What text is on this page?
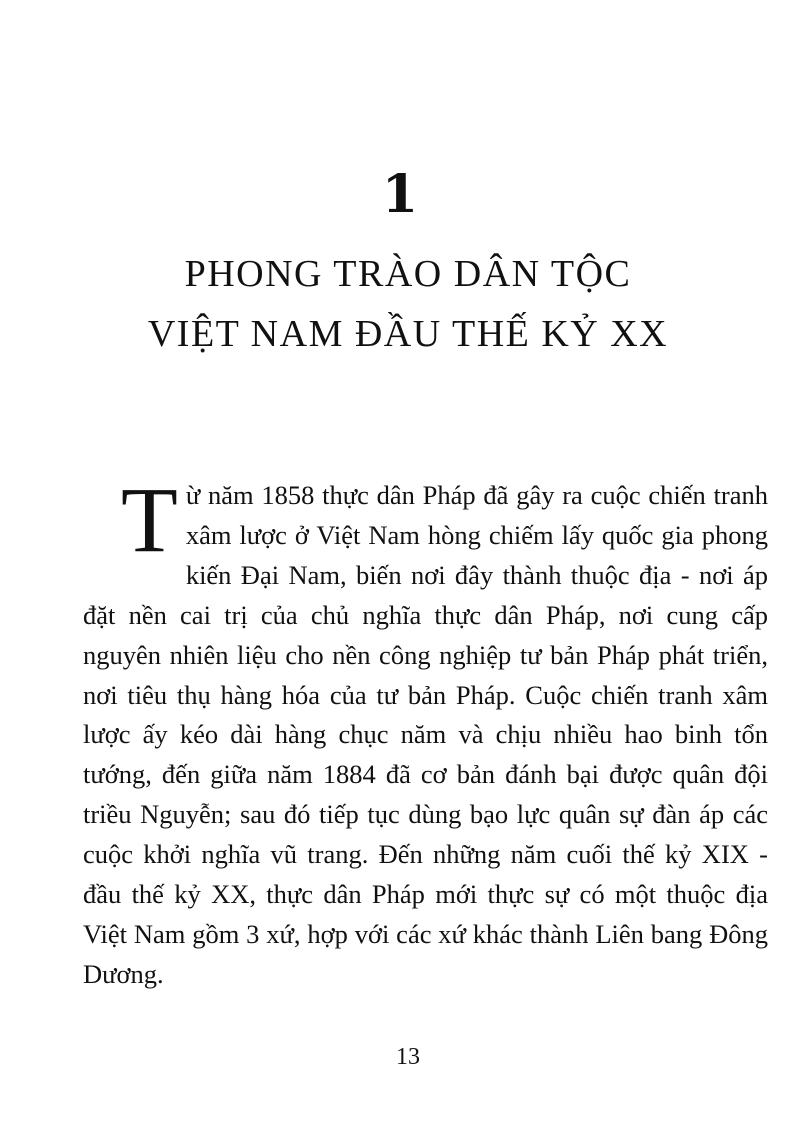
1
PHONG TRÀO DÂN TỘC
VIỆT NAM ĐẦU THẾ KỶ XX
Từ năm 1858 thực dân Pháp đã gây ra cuộc chiến tranh xâm lược ở Việt Nam hòng chiếm lấy quốc gia phong kiến Đại Nam, biến nơi đây thành thuộc địa - nơi áp đặt nền cai trị của chủ nghĩa thực dân Pháp, nơi cung cấp nguyên nhiên liệu cho nền công nghiệp tư bản Pháp phát triển, nơi tiêu thụ hàng hóa của tư bản Pháp. Cuộc chiến tranh xâm lược ấy kéo dài hàng chục năm và chịu nhiều hao binh tổn tướng, đến giữa năm 1884 đã cơ bản đánh bại được quân đội triều Nguyễn; sau đó tiếp tục dùng bạo lực quân sự đàn áp các cuộc khởi nghĩa vũ trang. Đến những năm cuối thế kỷ XIX - đầu thế kỷ XX, thực dân Pháp mới thực sự có một thuộc địa Việt Nam gồm 3 xứ, hợp với các xứ khác thành Liên bang Đông Dương.
13
